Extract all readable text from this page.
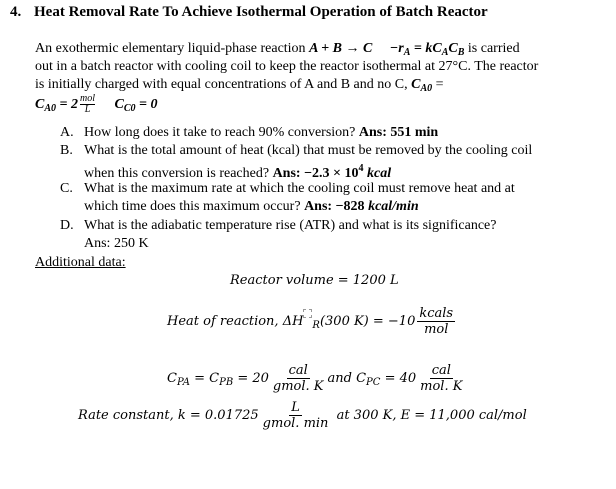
4. Heat Removal Rate To Achieve Isothermal Operation of Batch Reactor
An exothermic elementary liquid-phase reaction $A + B \to C -r_A = kC_AC_B$ is carried
out in a batch reactor with cooling coil to keep the reactor isothermal at 27°C. The reactor
is initially charged with equal concentrations of A and B and no C, $C_{A0}$ =
$C_{A0} = 2 \frac{\text{mol}}{L} C_{C0} = 0$
A. How long does it take to reach 90% conversion? Ans: 551 min
B. What is the total amount of heat (kcal) that must be removed by the cooling coil
when this conversion is reached? Ans: $-2.3 \times 10^4$ kcal
C. What is the maximum rate at which the cooling coil must remove heat and at
which time does this maximum occur? Ans: −828 kcal/min
D. What is the adiabatic temperature rise (ATR) and what is its significance?
Ans: 250 K
Additional data:
Reactor volume = 1200 L
Heat of reaction, ΔH $_R$(300 $K) = -10 \frac{\text{kcals}}{\text{mol}}$
$C_{PA} = C_{PB} = 20 \frac{\text{cal}}{\text{gmol. K}}$ and $C_{PC} = 40 \frac{\text{cal}}{\text{mol. K}}$
Rate constant, $k = 0.01725 \frac{L}{\text{gmol. min}}$ at 300 K, E = 11,000 cal/mol
